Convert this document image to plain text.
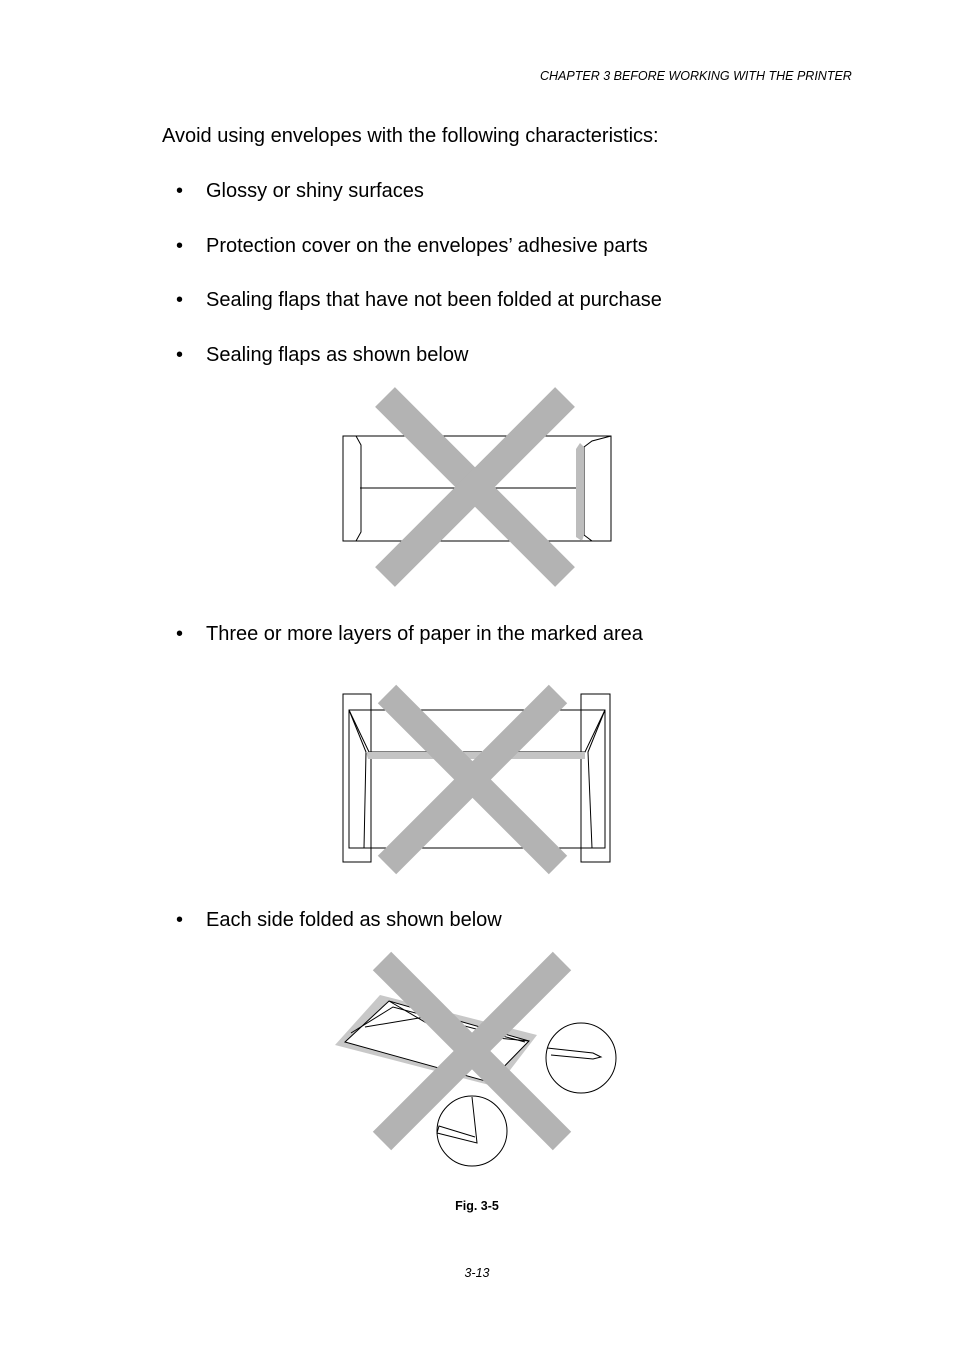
CHAPTER 3 BEFORE WORKING WITH THE PRINTER
Avoid using envelopes with the following characteristics:
• Glossy or shiny surfaces
• Protection cover on the envelopes’ adhesive parts
• Sealing flaps that have not been folded at purchase
• Sealing flaps as shown below
• Three or more layers of paper in the marked area
• Each side folded as shown below
Fig. 3-5
3-13
